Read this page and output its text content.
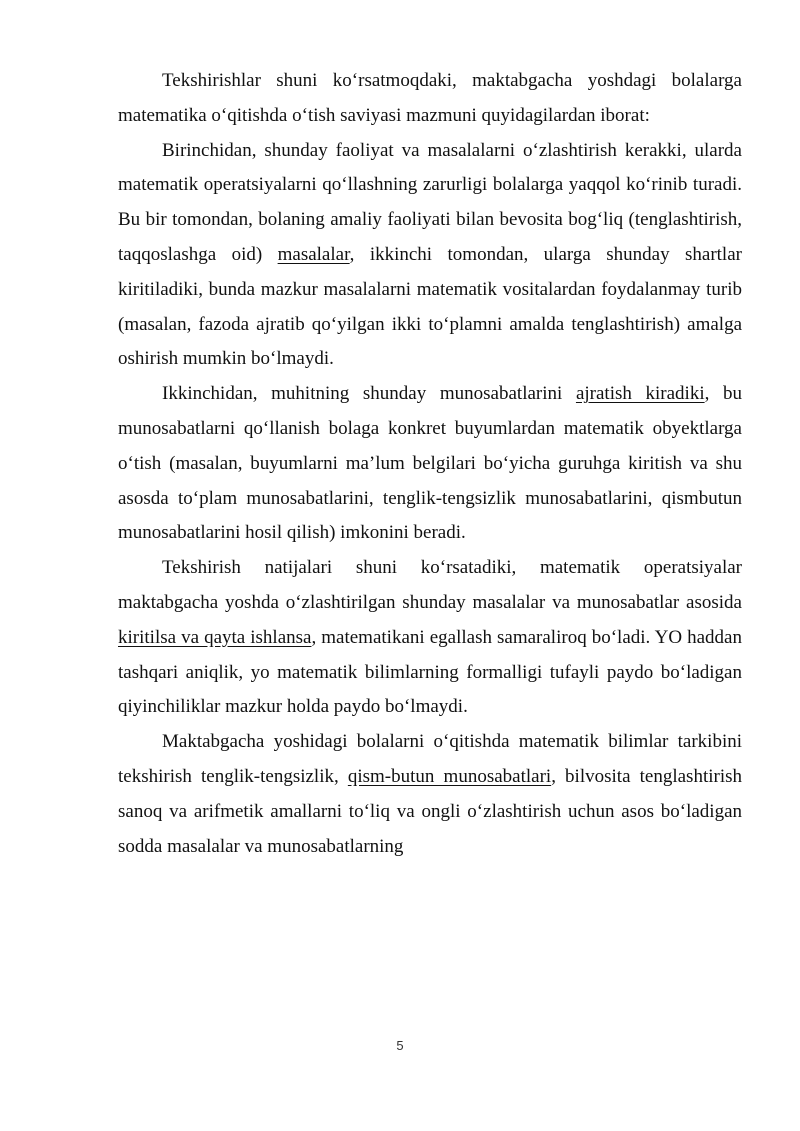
Tekshirishlar shuni ko‘rsatmoqdaki, maktabgacha yoshdagi bolalarga matematika o‘qitishda o‘tish saviyasi mazmuni quyidagilardan iborat:

Birinchidan, shunday faoliyat va masalalarni o‘zlashtirish kerakki, ularda matematik operatsiyalarni qo‘llashning zarurligi bolalarga yaqqol ko‘rinib turadi. Bu bir tomondan, bolaning amaliy faoliyati bilan bevosita bog‘liq (tenglashtirish, taqqoslashga oid) masalalar, ikkinchi tomondan, ularga shunday shartlar kiritiladiki, bunda mazkur masalalarni matematik vositalardan foydalanmay turib (masalan, fazoda ajratib qo‘yilgan ikki to‘plamni amalda tenglashtirish) amalga oshirish mumkin bo‘lmaydi.

Ikkinchidan, muhitning shunday munosabatlarini ajratish kiradiki, bu munosabatlarni qo‘llanish bolaga konkret buyumlardan matematik obyektlarga o‘tish (masalan, buyumlarni ma’lum belgilari bo‘yicha guruhga kiritish va shu asosda to‘plam munosabatlarini, tenglik-tengsizlik munosabatlarini, qismbutun munosabatlarini hosil qilish) imkonini beradi.

Tekshirish natijalari shuni ko‘rsatadiki, matematik operatsiyalar maktabgacha yoshda o‘zlashtirilgan shunday masalalar va munosabatlar asosida kiritilsa va qayta ishlansa, matematikani egallash samaraliroq bo‘ladi. YO haddan tashqari aniqlik, yo matematik bilimlarning formalligi tufayli paydo bo‘ladigan qiyinchiliklar mazkur holda paydo bo‘lmaydi.

Maktabgacha yoshidagi bolalarni o‘qitishda matematik bilimlar tarkibini tekshirish tenglik-tengsizlik, qism-butun munosabatlari, bilvosita tenglashtirish sanoq va arifmetik amallarni to‘liq va ongli o‘zlashtirish uchun asos bo‘ladigan sodda masalalar va munosabatlarning

5
